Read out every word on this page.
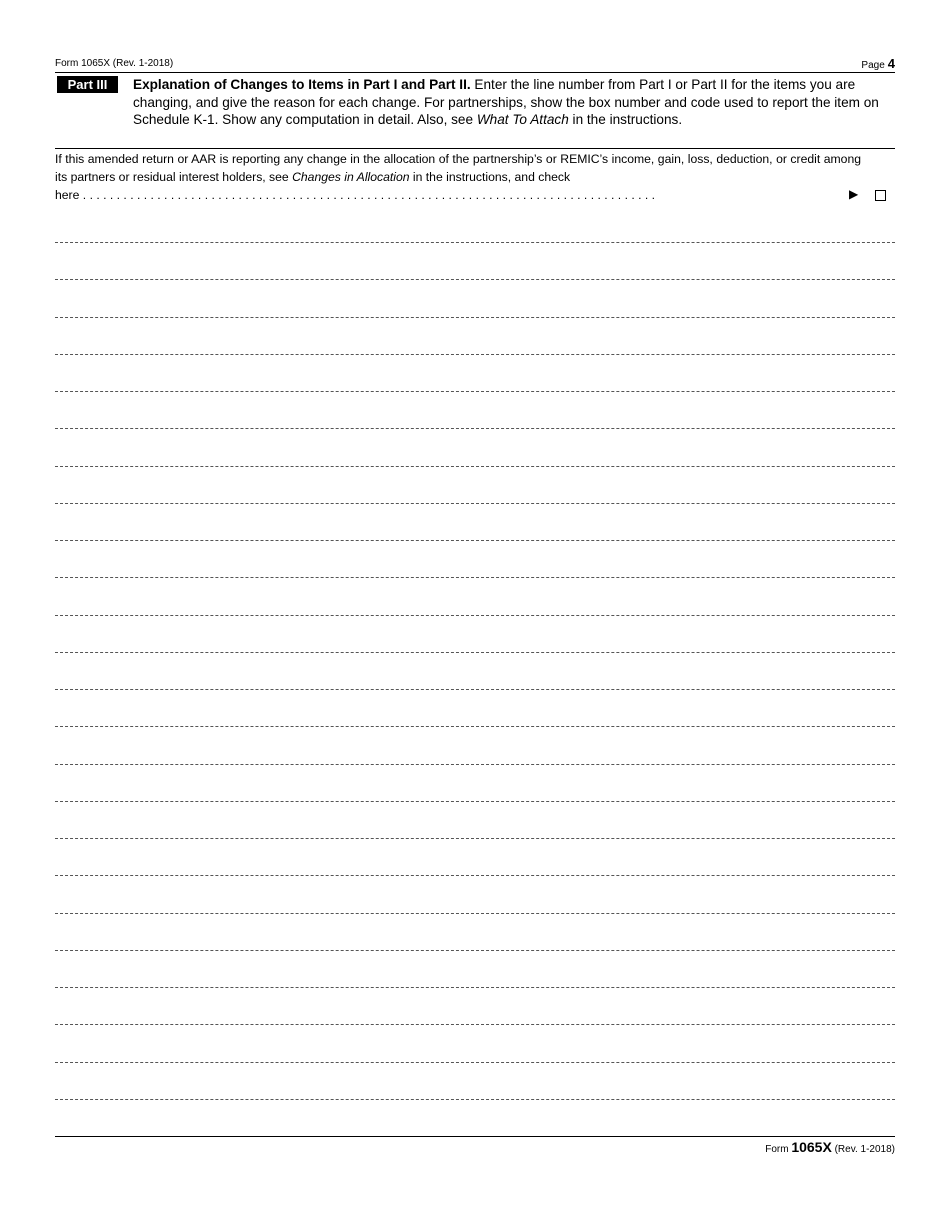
Form 1065X (Rev. 1-2018)	Page 4
Part III	Explanation of Changes to Items in Part I and Part II. Enter the line number from Part I or Part II for the items you are changing, and give the reason for each change. For partnerships, show the box number and code used to report the item on Schedule K-1. Show any computation in detail. Also, see What To Attach in the instructions.
If this amended return or AAR is reporting any change in the allocation of the partnership’s or REMIC’s income, gain, loss, deduction, or credit among its partners or residual interest holders, see Changes in Allocation in the instructions, and check
here . . . . . . . . . . . . . . . . . . . . . . . . . . . . . . . . . . . . . . . . . . . . . . . . . . . . . . . . . . . . . . . . . . . . . . . . . . . . . . . . . . . . .	▶
Form 1065X (Rev. 1-2018)
